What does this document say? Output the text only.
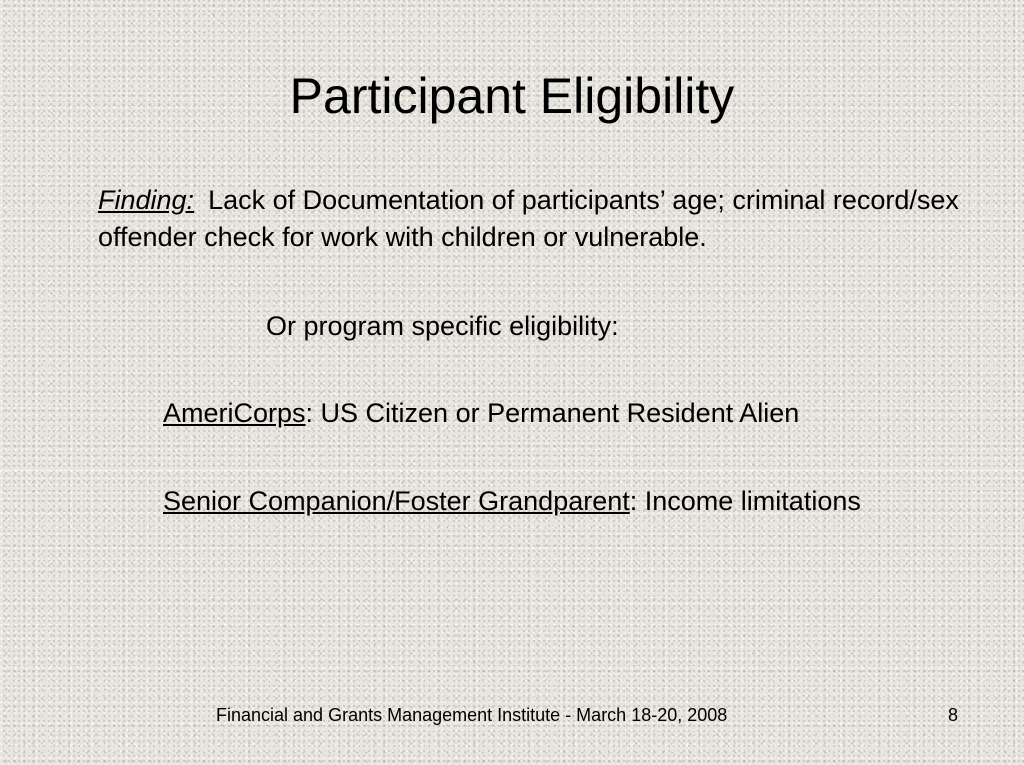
Participant Eligibility
Finding: Lack of Documentation of participants’ age; criminal record/sex offender check for work with children or vulnerable.
Or program specific eligibility:
AmeriCorps: US Citizen or Permanent Resident Alien
Senior Companion/Foster Grandparent: Income limitations
Financial and Grants Management Institute - March 18-20, 2008	8
